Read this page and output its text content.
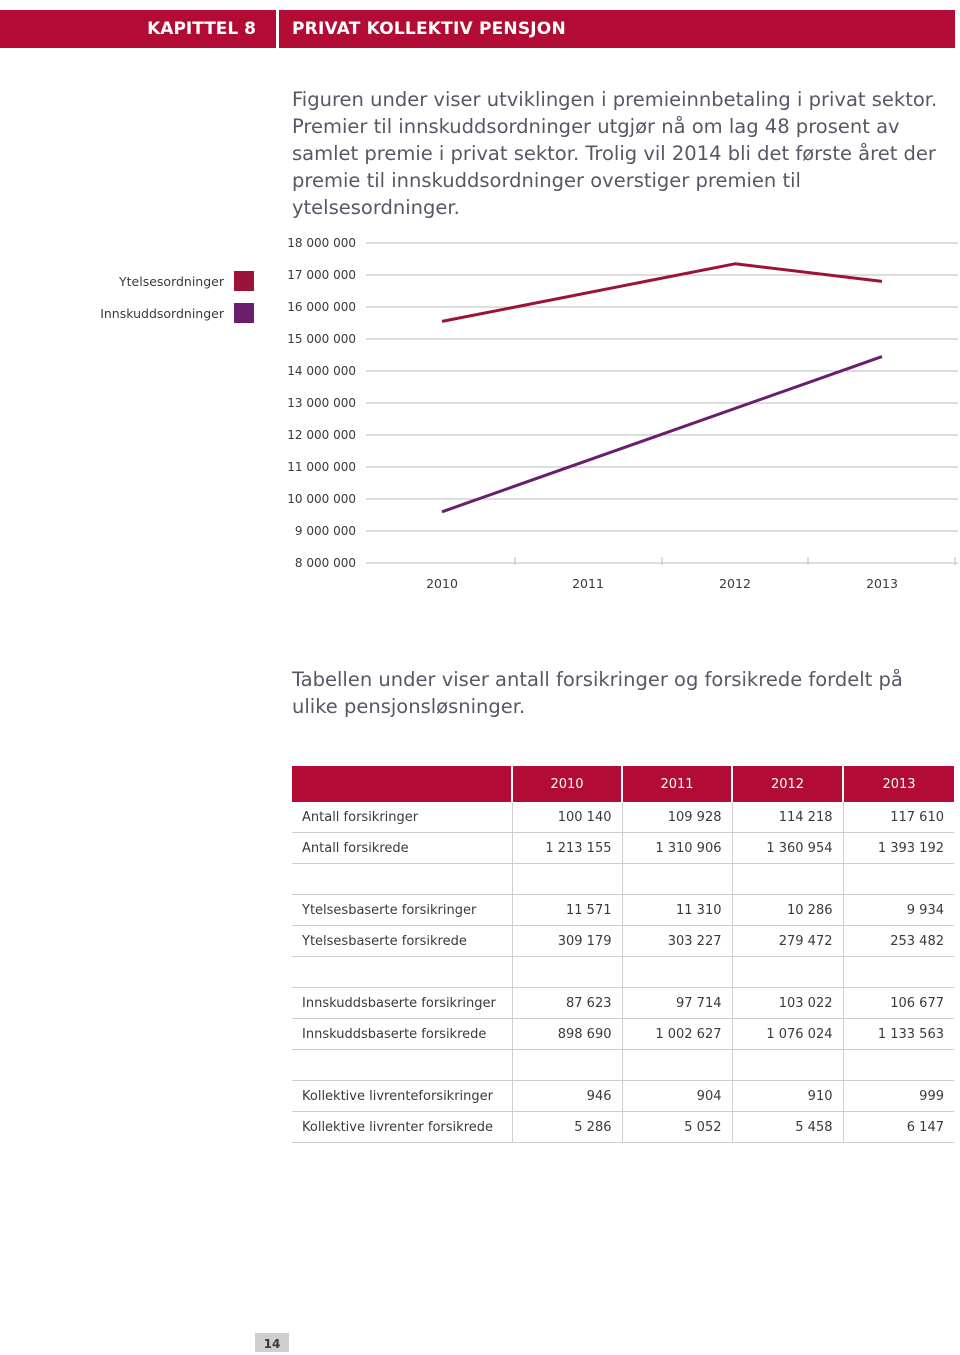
KAPITTEL 8	PRIVAT KOLLEKTIV PENSJON

Figuren under viser utviklingen i premieinnbetaling i privat sektor. Premier til innskuddsordninger utgjør nå om lag 48 prosent av samlet premie i privat sektor. Trolig vil 2014 bli det første året der premie til innskuddsordninger overstiger premien til ytelsesordninger.

Ytelsesordninger
Innskuddsordninger
18 000 000
17 000 000
16 000 000
15 000 000
14 000 000
13 000 000
12 000 000
11 000 000
10 000 000
9 000 000
8 000 000
2010	2011	2012	2013

Tabellen under viser antall forsikringer og forsikrede fordelt på ulike pensjonsløsninger.

	2010	2011	2012	2013
Antall forsikringer	100 140	109 928	114 218	117 610
Antall forsikrede	1 213 155	1 310 906	1 360 954	1 393 192

Ytelsesbaserte forsikringer	11 571	11 310	10 286	9 934
Ytelsesbaserte forsikrede	309 179	303 227	279 472	253 482

Innskuddsbaserte forsikringer	87 623	97 714	103 022	106 677
Innskuddsbaserte forsikrede	898 690	1 002 627	1 076 024	1 133 563

Kollektive livrenteforsikringer	946	904	910	999
Kollektive livrenter forsikrede	5 286	5 052	5 458	6 147
14
